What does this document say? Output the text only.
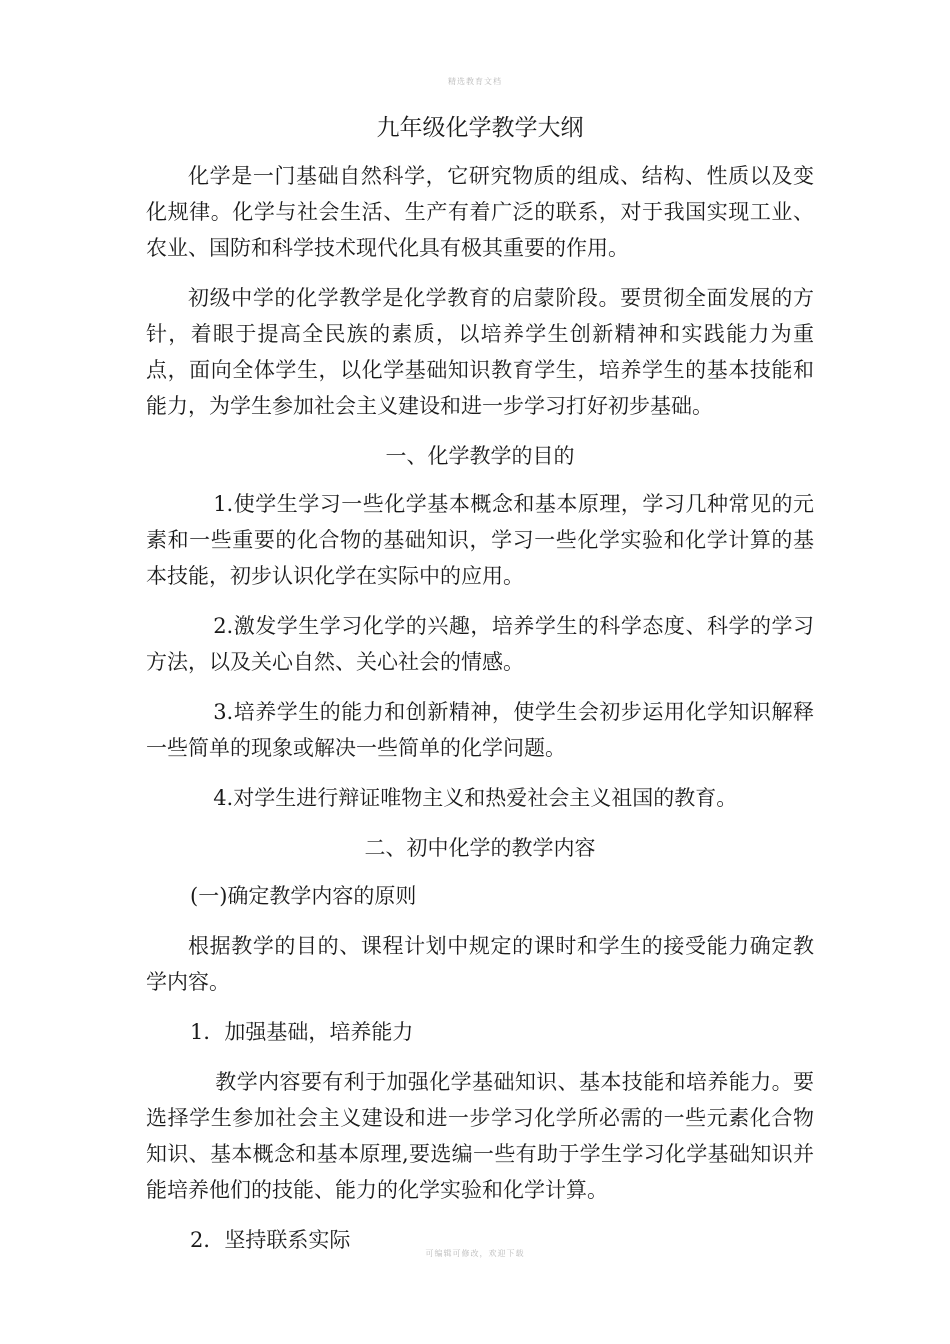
精选教育文档
九年级化学教学大纲

化学是一门基础自然科学，它研究物质的组成、结构、性质以及变化规律。化学与社会生活、生产有着广泛的联系，对于我国实现工业、农业、国防和科学技术现代化具有极其重要的作用。

初级中学的化学教学是化学教育的启蒙阶段。要贯彻全面发展的方针，着眼于提高全民族的素质，以培养学生创新精神和实践能力为重点，面向全体学生，以化学基础知识教育学生，培养学生的基本技能和能力，为学生参加社会主义建设和进一步学习打好初步基础。

一、化学教学的目的

1.使学生学习一些化学基本概念和基本原理，学习几种常见的元素和一些重要的化合物的基础知识，学习一些化学实验和化学计算的基本技能，初步认识化学在实际中的应用。

2.激发学生学习化学的兴趣，培养学生的科学态度、科学的学习方法，以及关心自然、关心社会的情感。

3.培养学生的能力和创新精神，使学生会初步运用化学知识解释一些简单的现象或解决一些简单的化学问题。

4.对学生进行辩证唯物主义和热爱社会主义祖国的教育。

二、初中化学的教学内容

(一)确定教学内容的原则

根据教学的目的、课程计划中规定的课时和学生的接受能力确定教学内容。

1．加强基础，培养能力

教学内容要有利于加强化学基础知识、基本技能和培养能力。要选择学生参加社会主义建设和进一步学习化学所必需的一些元素化合物知识、基本概念和基本原理,要选编一些有助于学生学习化学基础知识并能培养他们的技能、能力的化学实验和化学计算。

2．坚持联系实际

可编辑可修改，欢迎下载
